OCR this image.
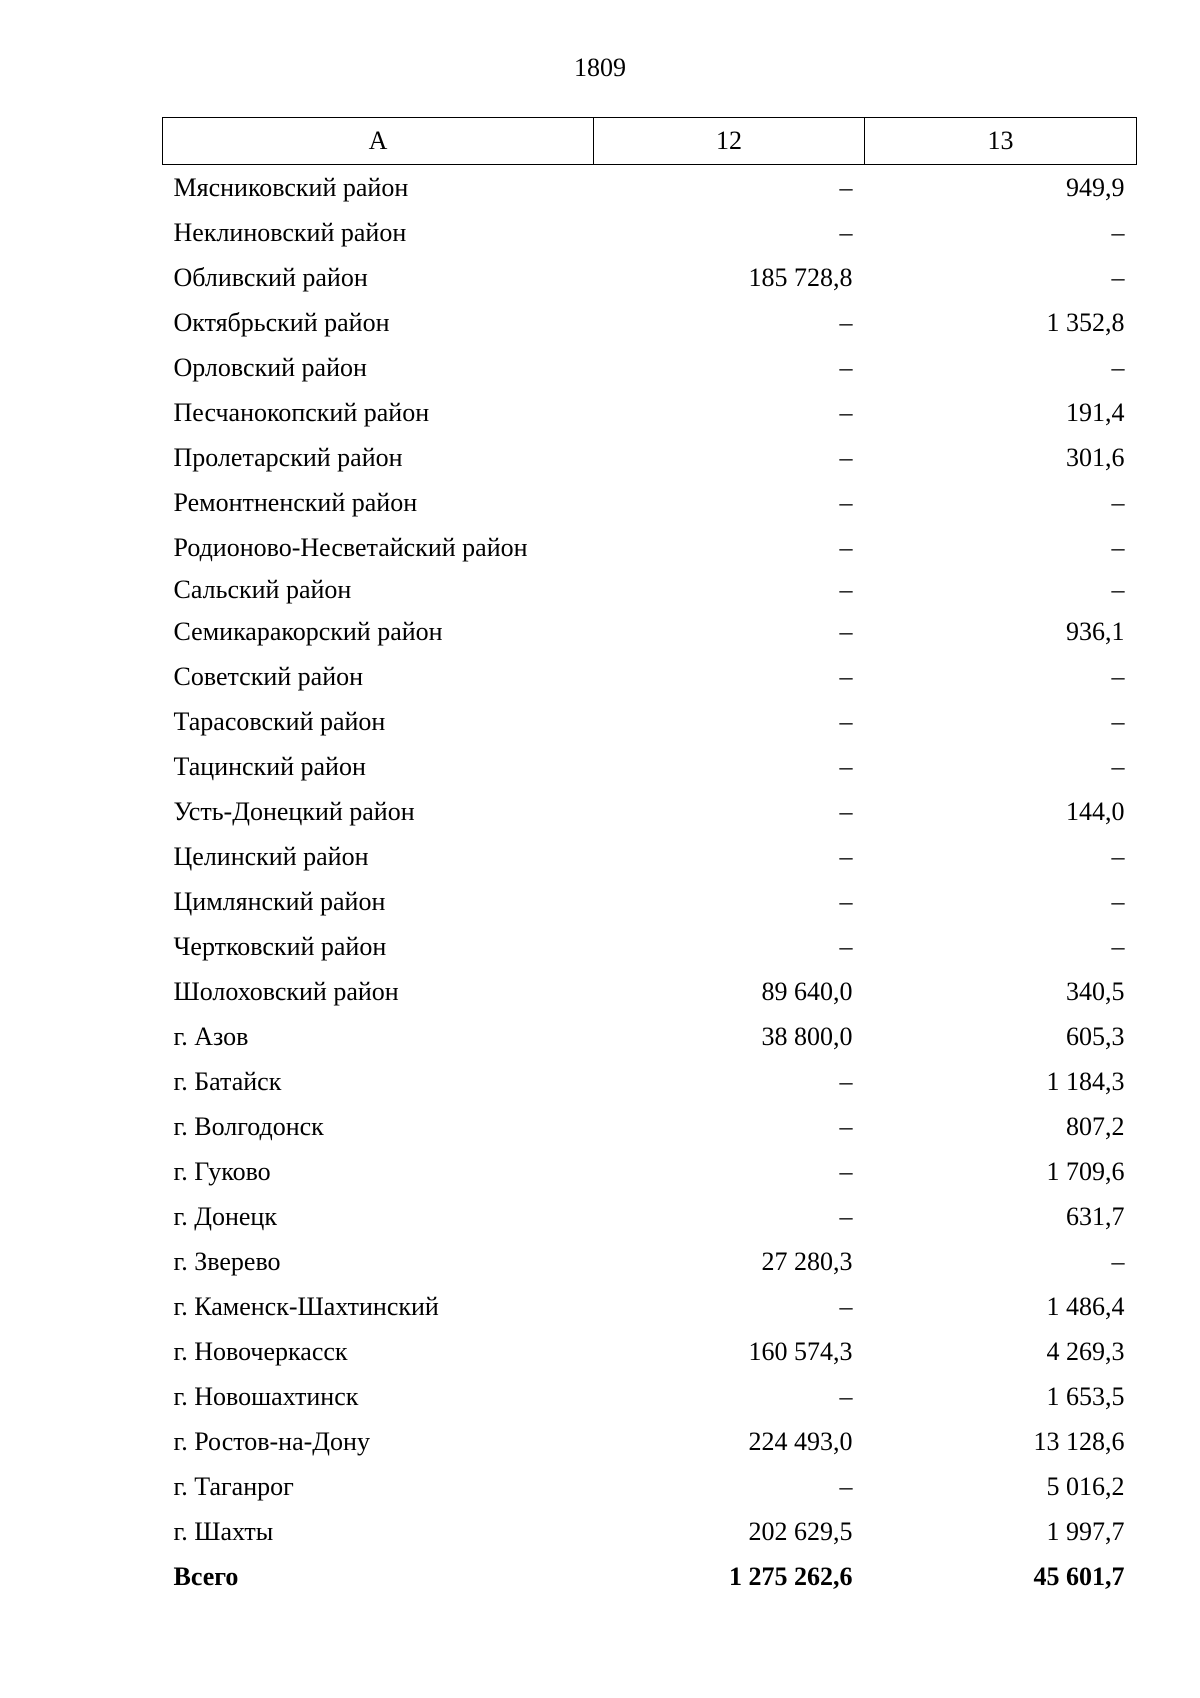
1809
А	12	13
Мясниковский район	–	949,9
Неклиновский район	–	–
Обливский район	185 728,8	–
Октябрьский район	–	1 352,8
Орловский район	–	–
Песчанокопский район	–	191,4
Пролетарский район	–	301,6
Ремонтненский район	–	–
Родионово-Несветайский район	–	–
Сальский район	–	–
Семикаракорский район	–	936,1
Советский район	–	–
Тарасовский район	–	–
Тацинский район	–	–
Усть-Донецкий район	–	144,0
Целинский район	–	–
Цимлянский район	–	–
Чертковский район	–	–
Шолоховский район	89 640,0	340,5
г. Азов	38 800,0	605,3
г. Батайск	–	1 184,3
г. Волгодонск	–	807,2
г. Гуково	–	1 709,6
г. Донецк	–	631,7
г. Зверево	27 280,3	–
г. Каменск-Шахтинский	–	1 486,4
г. Новочеркасск	160 574,3	4 269,3
г. Новошахтинск	–	1 653,5
г. Ростов-на-Дону	224 493,0	13 128,6
г. Таганрог	–	5 016,2
г. Шахты	202 629,5	1 997,7
Всего	1 275 262,6	45 601,7
